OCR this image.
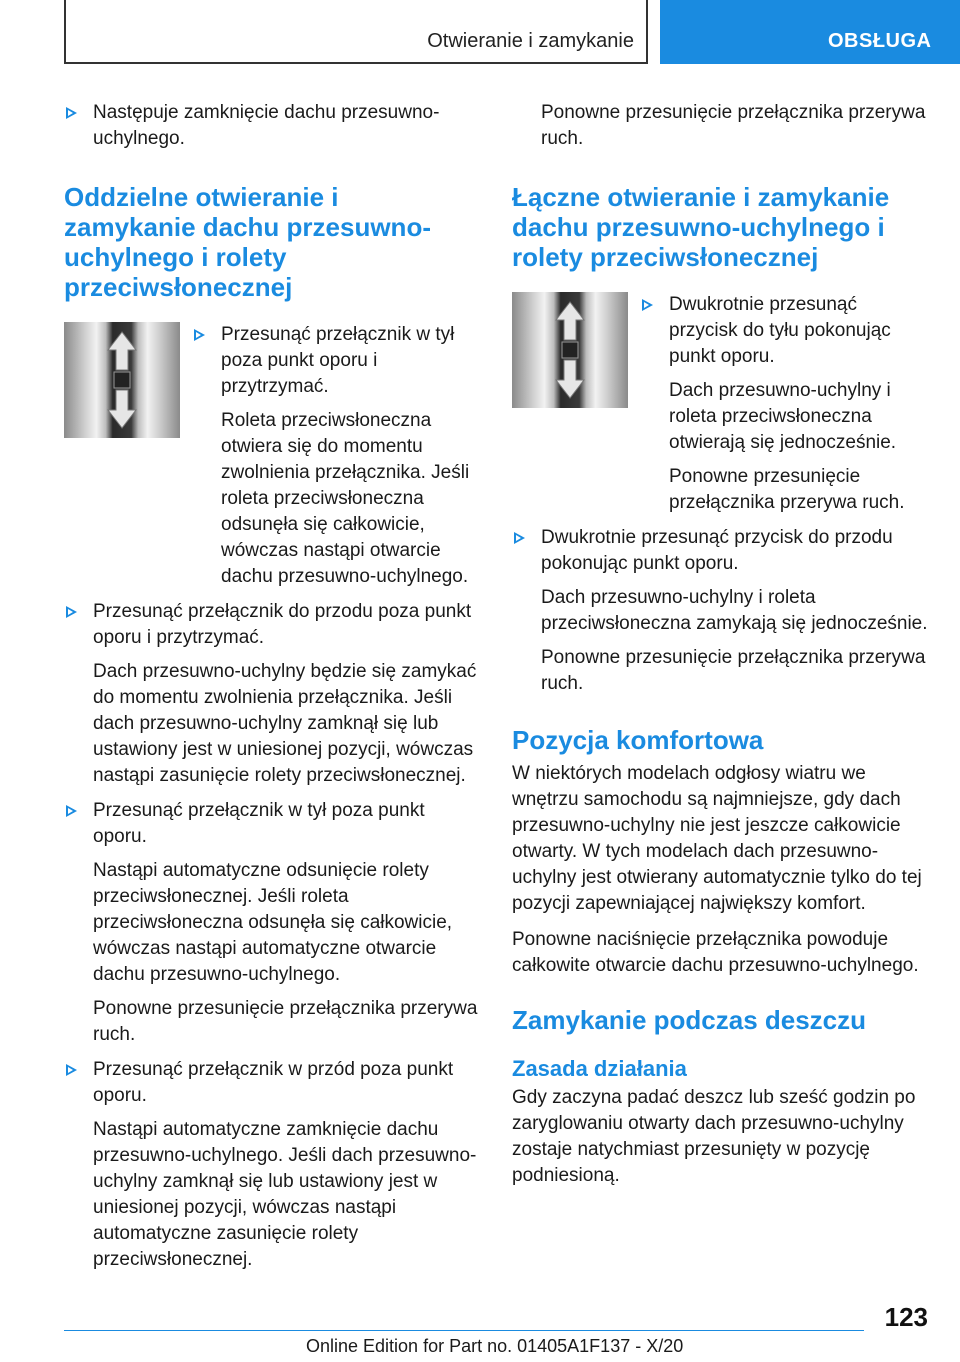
Otwieranie i zamykanie	OBSŁUGA

Następuje zamknięcie dachu przesuwno-uchylnego.

Oddzielne otwieranie i zamykanie dachu przesuwno-uchylnego i rolety przeciwsłonecznej

Przesunąć przełącznik w tył poza punkt oporu i przytrzymać.

Roleta przeciwsłoneczna otwiera się do momentu zwolnienia przełącznika. Jeśli roleta przeciwsłoneczna odsunęła się całkowicie, wówczas nastąpi otwarcie dachu przesuwno-uchylnego.

Przesunąć przełącznik do przodu poza punkt oporu i przytrzymać.

Dach przesuwno-uchylny będzie się zamykać do momentu zwolnienia przełącznika. Jeśli dach przesuwno-uchylny zamknął się lub ustawiony jest w uniesionej pozycji, wówczas nastąpi zasunięcie rolety przeciwsłonecznej.

Przesunąć przełącznik w tył poza punkt oporu.

Nastąpi automatyczne odsunięcie rolety przeciwsłonecznej. Jeśli roleta przeciwsłoneczna odsunęła się całkowicie, wówczas nastąpi automatyczne otwarcie dachu przesuwno-uchylnego.

Ponowne przesunięcie przełącznika przerywa ruch.

Przesunąć przełącznik w przód poza punkt oporu.

Nastąpi automatyczne zamknięcie dachu przesuwno-uchylnego. Jeśli dach przesuwno-uchylny zamknął się lub ustawiony jest w uniesionej pozycji, wówczas nastąpi automatyczne zasunięcie rolety przeciwsłonecznej.

Ponowne przesunięcie przełącznika przerywa ruch.

Łączne otwieranie i zamykanie dachu przesuwno-uchylnego i rolety przeciwsłonecznej

Dwukrotnie przesunąć przycisk do tyłu pokonując punkt oporu.

Dach przesuwno-uchylny i roleta przeciwsłoneczna otwierają się jednocześnie.

Ponowne przesunięcie przełącznika przerywa ruch.

Dwukrotnie przesunąć przycisk do przodu pokonując punkt oporu.

Dach przesuwno-uchylny i roleta przeciwsłoneczna zamykają się jednocześnie.

Ponowne przesunięcie przełącznika przerywa ruch.

Pozycja komfortowa

W niektórych modelach odgłosy wiatru we wnętrzu samochodu są najmniejsze, gdy dach przesuwno-uchylny nie jest jeszcze całkowicie otwarty. W tych modelach dach przesuwno-uchylny jest otwierany automatycznie tylko do tej pozycji zapewniającej największy komfort.

Ponowne naciśnięcie przełącznika powoduje całkowite otwarcie dachu przesuwno-uchylnego.

Zamykanie podczas deszczu
Zasada działania

Gdy zaczyna padać deszcz lub sześć godzin po zaryglowaniu otwarty dach przesuwno-uchylny zostaje natychmiast przesunięty w pozycję podniesioną.

123
Online Edition for Part no. 01405A1F137 - X/20
